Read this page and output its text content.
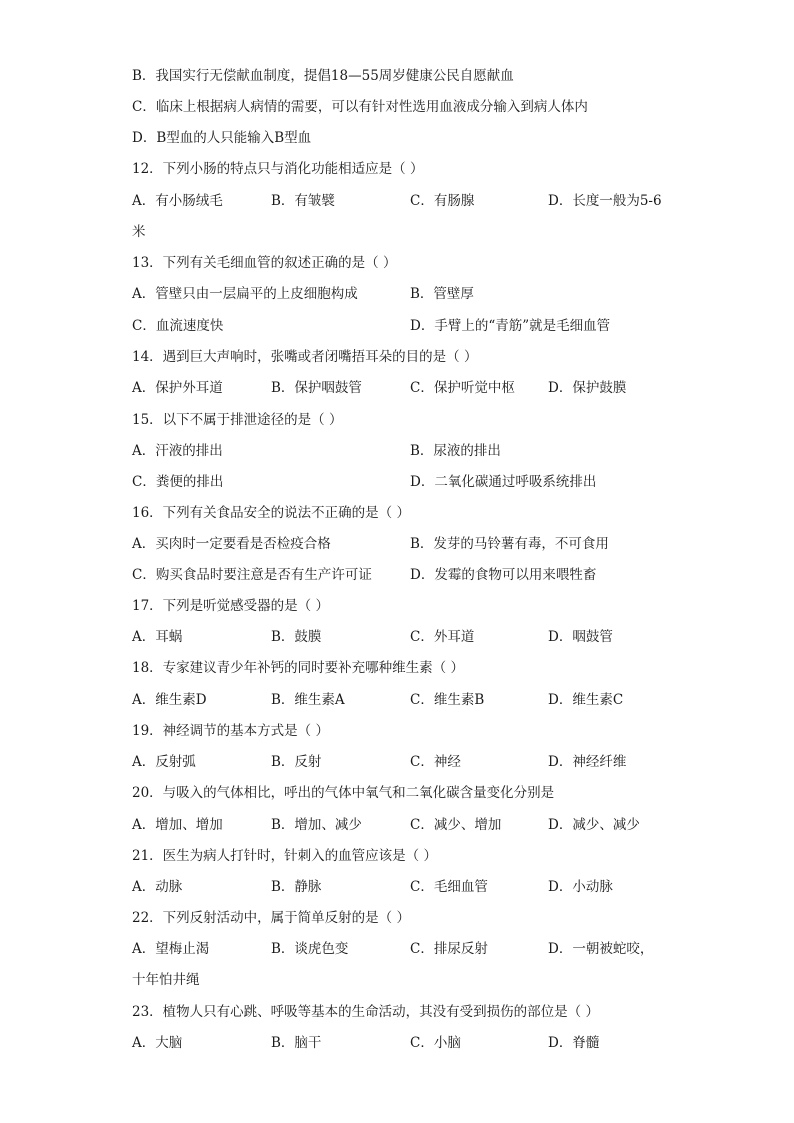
B．我国实行无偿献血制度，提倡18—55周岁健康公民自愿献血
C．临床上根据病人病情的需要，可以有针对性选用血液成分输入到病人体内
D．B型血的人只能输入B型血
12．下列小肠的特点只与消化功能相适应是（ ）
A．有小肠绒毛	B．有皱襞	C．有肠腺	D．长度一般为5-6
米
13．下列有关毛细血管的叙述正确的是（ ）
A．管壁只由一层扁平的上皮细胞构成	B．管壁厚
C．血流速度快	D．手臂上的“青筋”就是毛细血管
14．遇到巨大声响时，张嘴或者闭嘴捂耳朵的目的是（ ）
A．保护外耳道	B．保护咽鼓管	C．保护听觉中枢 D．保护鼓膜
15．以下不属于排泄途径的是（ ）
A．汗液的排出	B．尿液的排出
C．粪便的排出	D．二氧化碳通过呼吸系统排出
16．下列有关食品安全的说法不正确的是（ ）
A．买肉时一定要看是否检疫合格	B．发芽的马铃薯有毒，不可食用
C．购买食品时要注意是否有生产许可证	D．发霉的食物可以用来喂牲畜
17．下列是听觉感受器的是（ ）
A．耳蜗	B．鼓膜	C．外耳道	D．咽鼓管
18．专家建议青少年补钙的同时要补充哪种维生素（ ）
A．维生素D	B．维生素A	C．维生素B	D．维生素C
19．神经调节的基本方式是（ ）
A．反射弧	B．反射	C．神经	D．神经纤维
20．与吸入的气体相比，呼出的气体中氧气和二氧化碳含量变化分别是
A．增加、增加	B．增加、减少	C．减少、增加	D．减少、减少
21．医生为病人打针时，针刺入的血管应该是（ ）
A．动脉	B．静脉	C．毛细血管	D．小动脉
22．下列反射活动中，属于简单反射的是（ ）
A．望梅止渴	B．谈虎色变	C．排尿反射	D．一朝被蛇咬，
十年怕井绳
23．植物人只有心跳、呼吸等基本的生命活动，其没有受到损伤的部位是（ ）
A．大脑	B．脑干	C．小脑	D．脊髓
